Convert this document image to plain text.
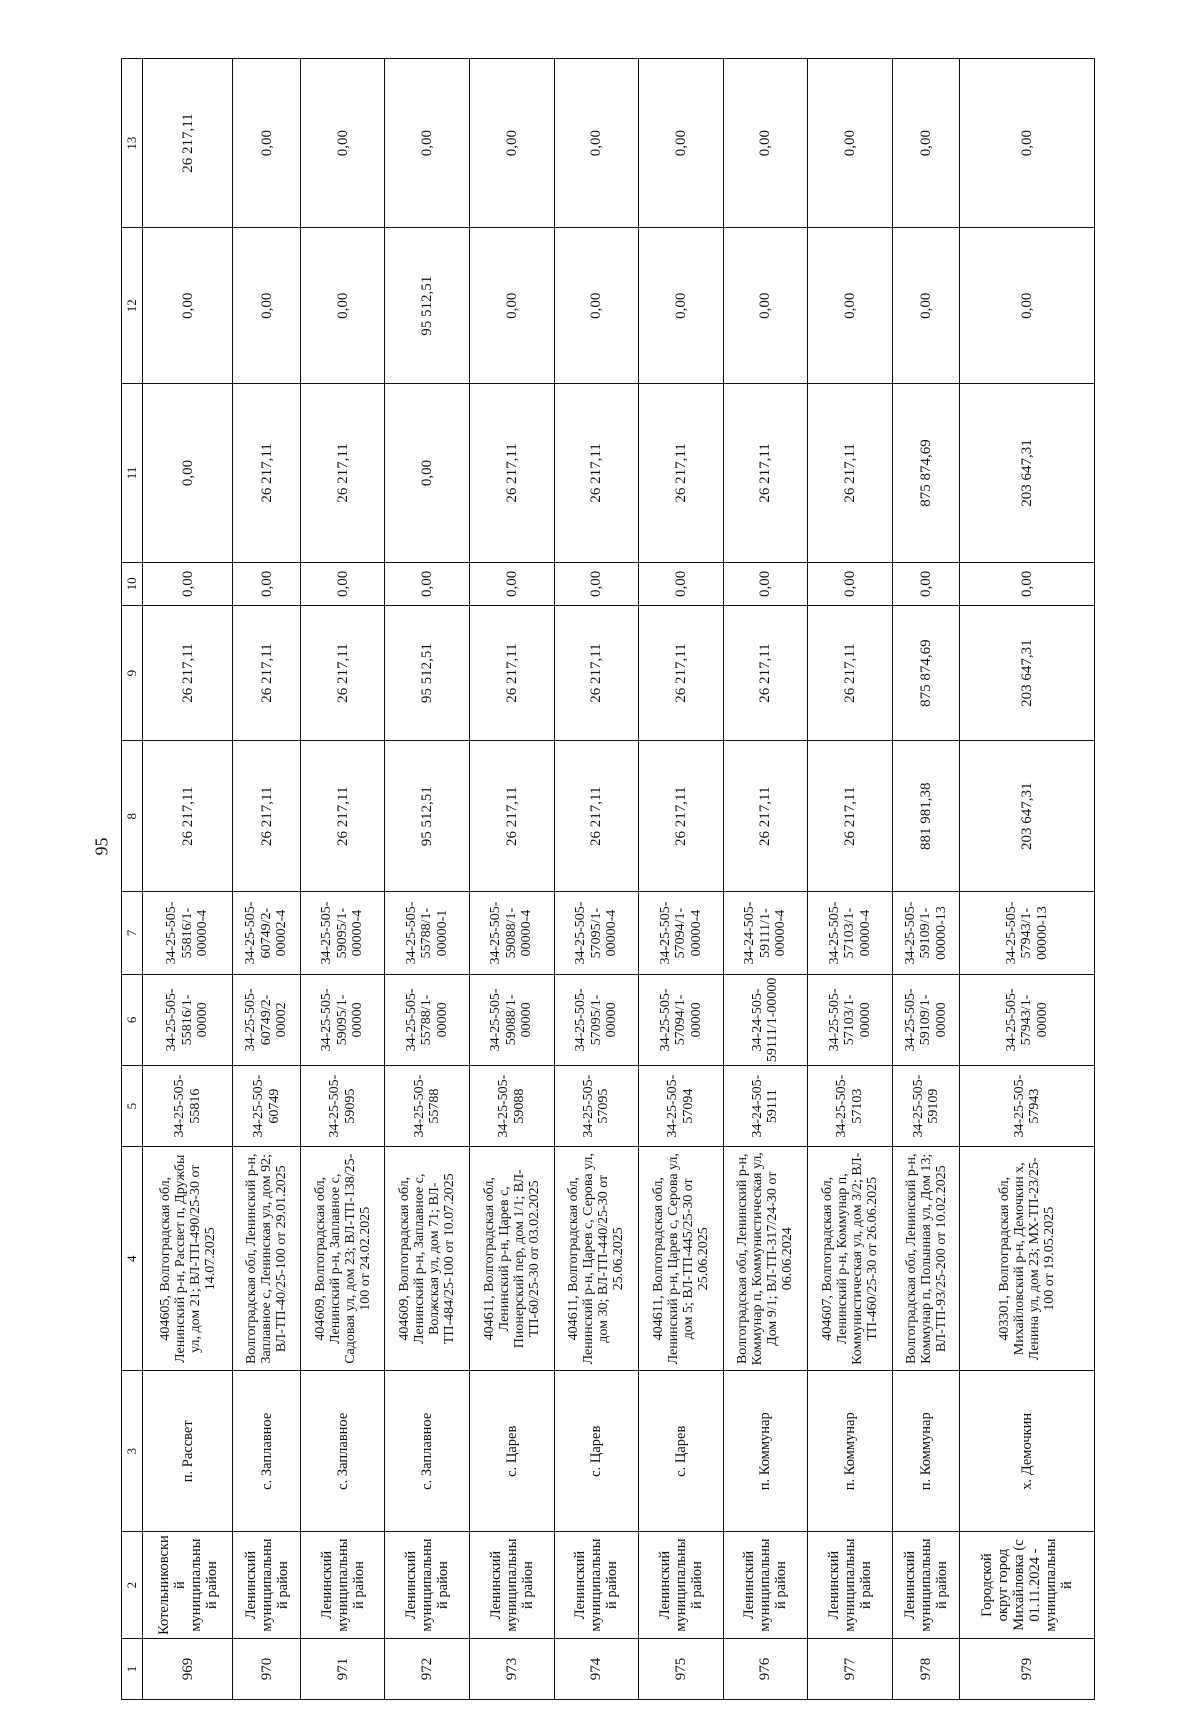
95
1	2	3	4	5	6	7	8	9	10	11	12	13
969	Котельниковский муниципальный район	п. Рассвет	404605, Волгоградская обл, Ленинский р-н, Рассвет п, Дружбы ул, дом 21; ВЛ-ТП-490/25-30 от 14.07.2025	34-25-505-55816	34-25-505-55816/1-00000	34-25-505-55816/1-00000-4	26 217,11	26 217,11	0,00	0,00	0,00	26 217,11
970	Ленинский муниципальный район	с. Заплавное	Волгоградская обл, Ленинский р-н, Заплавное с, Ленинская ул, дом 92; ВЛ-ТП-40/25-100 от 29.01.2025	34-25-505-60749	34-25-505-60749/2-00002	34-25-505-60749/2-00002-4	26 217,11	26 217,11	0,00	26 217,11	0,00	0,00
971	Ленинский муниципальный район	с. Заплавное	404609, Волгоградская обл, Ленинский р-н, Заплавное с, Садовая ул, дом 23; ВЛ-ТП-138/25-100 от 24.02.2025	34-25-505-59095	34-25-505-59095/1-00000	34-25-505-59095/1-00000-4	26 217,11	26 217,11	0,00	26 217,11	0,00	0,00
972	Ленинский муниципальный район	с. Заплавное	404609, Волгоградская обл, Ленинский р-н, Заплавное с, Волжская ул, дом 71; ВЛ-ТП-484/25-100 от 10.07.2025	34-25-505-55788	34-25-505-55788/1-00000	34-25-505-55788/1-00000-1	95 512,51	95 512,51	0,00	0,00	95 512,51	0,00
973	Ленинский муниципальный район	с. Царев	404611, Волгоградская обл, Ленинский р-н, Царев с, Пионерский пер, дом 1/1; ВЛ-ТП-60/25-30 от 03.02.2025	34-25-505-59088	34-25-505-59088/1-00000	34-25-505-59088/1-00000-4	26 217,11	26 217,11	0,00	26 217,11	0,00	0,00
974	Ленинский муниципальный район	с. Царев	404611, Волгоградская обл, Ленинский р-н, Царев с, Серова ул, дом 30; ВЛ-ТП-440/25-30 от 25.06.2025	34-25-505-57095	34-25-505-57095/1-00000	34-25-505-57095/1-00000-4	26 217,11	26 217,11	0,00	26 217,11	0,00	0,00
975	Ленинский муниципальный район	с. Царев	404611, Волгоградская обл, Ленинский р-н, Царев с, Серова ул, дом 5; ВЛ-ТП-445/25-30 от 25.06.2025	34-25-505-57094	34-25-505-57094/1-00000	34-25-505-57094/1-00000-4	26 217,11	26 217,11	0,00	26 217,11	0,00	0,00
976	Ленинский муниципальный район	п. Коммунар	Волгоградская обл, Ленинский р-н, Коммунар п, Коммунистическая ул, Дом 9/1; ВЛ-ТП-317/24-30 от 06.06.2024	34-24-505-59111	34-24-505-59111/1-00000	34-24-505-59111/1-00000-4	26 217,11	26 217,11	0,00	26 217,11	0,00	0,00
977	Ленинский муниципальный район	п. Коммунар	404607, Волгоградская обл, Ленинский р-н, Коммунар п, Коммунистическая ул, дом 3/2; ВЛ-ТП-460/25-30 от 26.06.2025	34-25-505-57103	34-25-505-57103/1-00000	34-25-505-57103/1-00000-4	26 217,11	26 217,11	0,00	26 217,11	0,00	0,00
978	Ленинский муниципальный район	п. Коммунар	Волгоградская обл, Ленинский р-н, Коммунар п, Полынная ул, Дом 13; ВЛ-ТП-93/25-200 от 10.02.2025	34-25-505-59109	34-25-505-59109/1-00000	34-25-505-59109/1-00000-13	881 981,38	875 874,69	0,00	875 874,69	0,00	0,00
979	Городской округ город Михайловка (с 01.11.2024 - муниципальный	х. Демочкин	403301, Волгоградская обл, Михайловский р-н, Демочкин х, Ленина ул, дом 23; МХ-ТП-23/25-100 от 19.05.2025	34-25-505-57943	34-25-505-57943/1-00000	34-25-505-57943/1-00000-13	203 647,31	203 647,31	0,00	203 647,31	0,00	0,00
